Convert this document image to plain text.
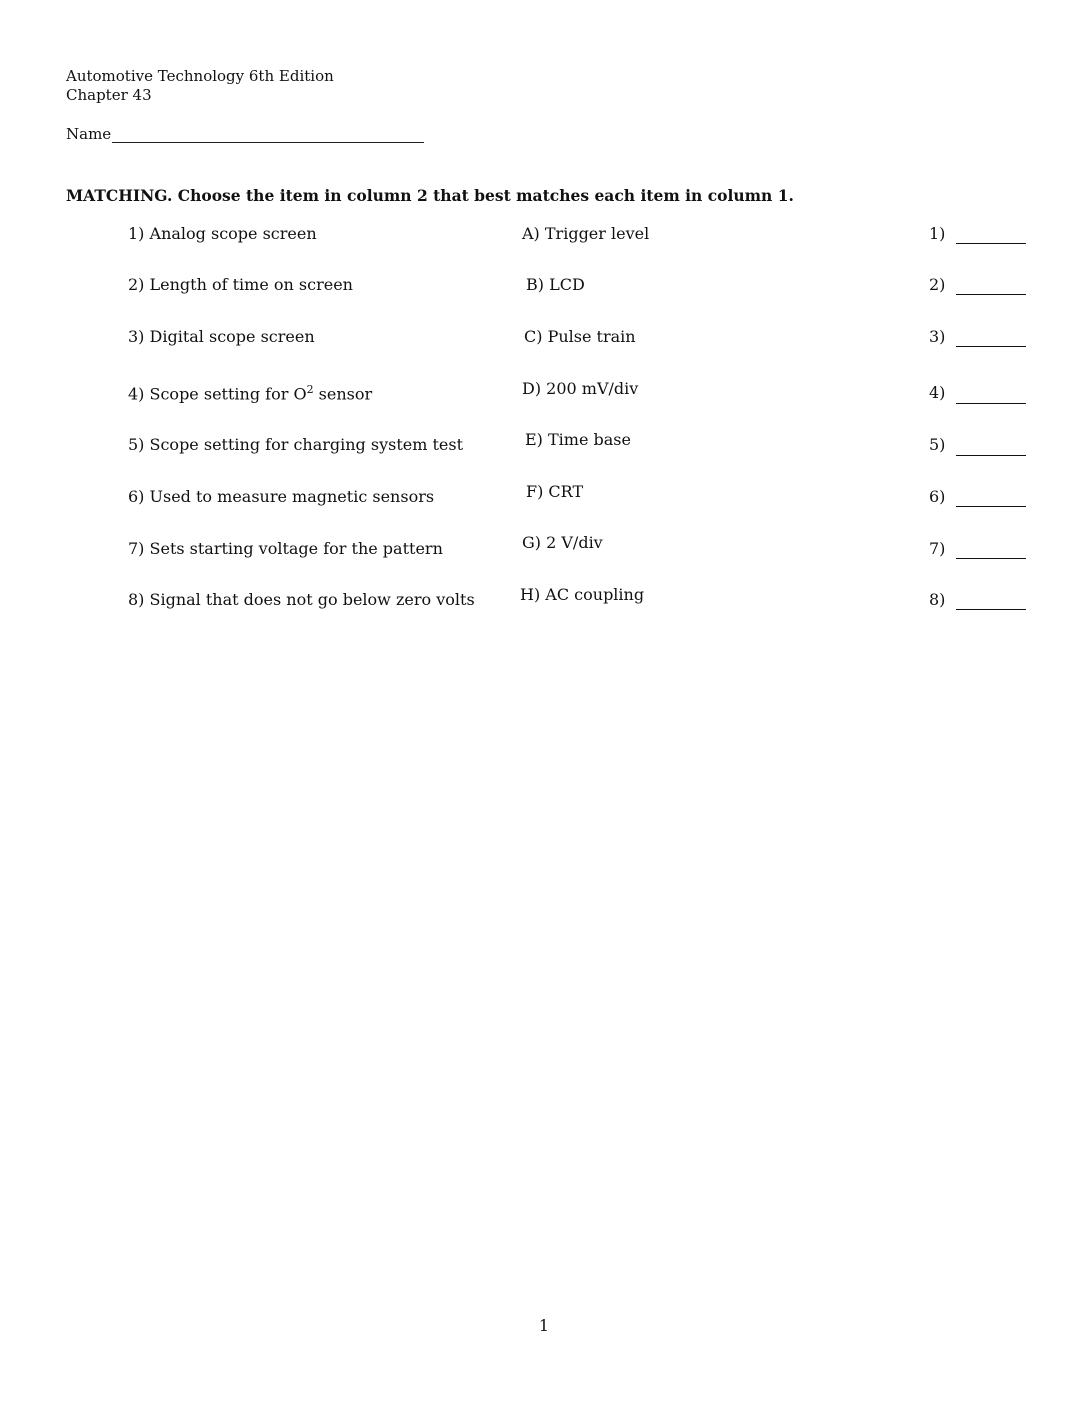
Automotive Technology 6th Edition
Chapter 43
Name
MATCHING. Choose the item in column 2 that best matches each item in column 1.
1) Analog scope screen
2) Length of time on screen
3) Digital scope screen
4) Scope setting for $O^2$ sensor
5) Scope setting for charging system test
6) Used to measure magnetic sensors
7) Sets starting voltage for the pattern
8) Signal that does not go below zero volts
A) Trigger level
B) LCD
C) Pulse train
D) 200 mV/div
E) Time base
F) CRT
G) 2 V/div
H) AC coupling
1)
2)
3)
4)
5)
6)
7)
8)
1
